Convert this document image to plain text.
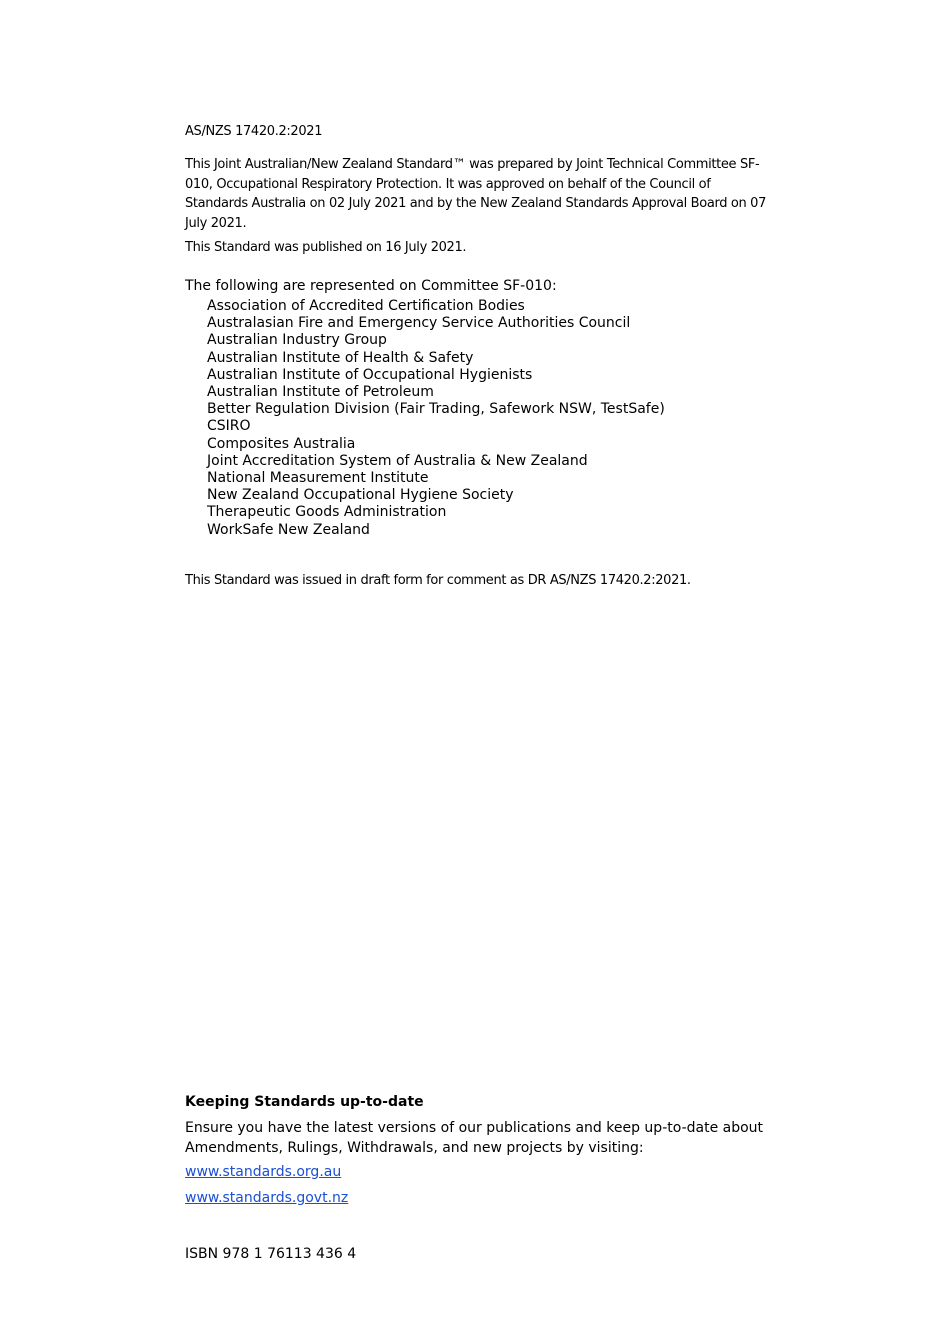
AS/NZS 17420.2:2021

This Joint Australian/New Zealand Standard™ was prepared by Joint Technical Committee SF-010, Occupational Respiratory Protection. It was approved on behalf of the Council of Standards Australia on 02 July 2021 and by the New Zealand Standards Approval Board on 07 July 2021.

This Standard was published on 16 July 2021.

The following are represented on Committee SF-010:

Association of Accredited Certification Bodies
Australasian Fire and Emergency Service Authorities Council
Australian Industry Group
Australian Institute of Health & Safety
Australian Institute of Occupational Hygienists
Australian Institute of Petroleum
Better Regulation Division (Fair Trading, Safework NSW, TestSafe)
CSIRO
Composites Australia
Joint Accreditation System of Australia & New Zealand
National Measurement Institute
New Zealand Occupational Hygiene Society
Therapeutic Goods Administration
WorkSafe New Zealand

This Standard was issued in draft form for comment as DR AS/NZS 17420.2:2021.

Keeping Standards up-to-date

Ensure you have the latest versions of our publications and keep up-to-date about Amendments, Rulings, Withdrawals, and new projects by visiting:

www.standards.org.au
www.standards.govt.nz

ISBN 978 1 76113 436 4
